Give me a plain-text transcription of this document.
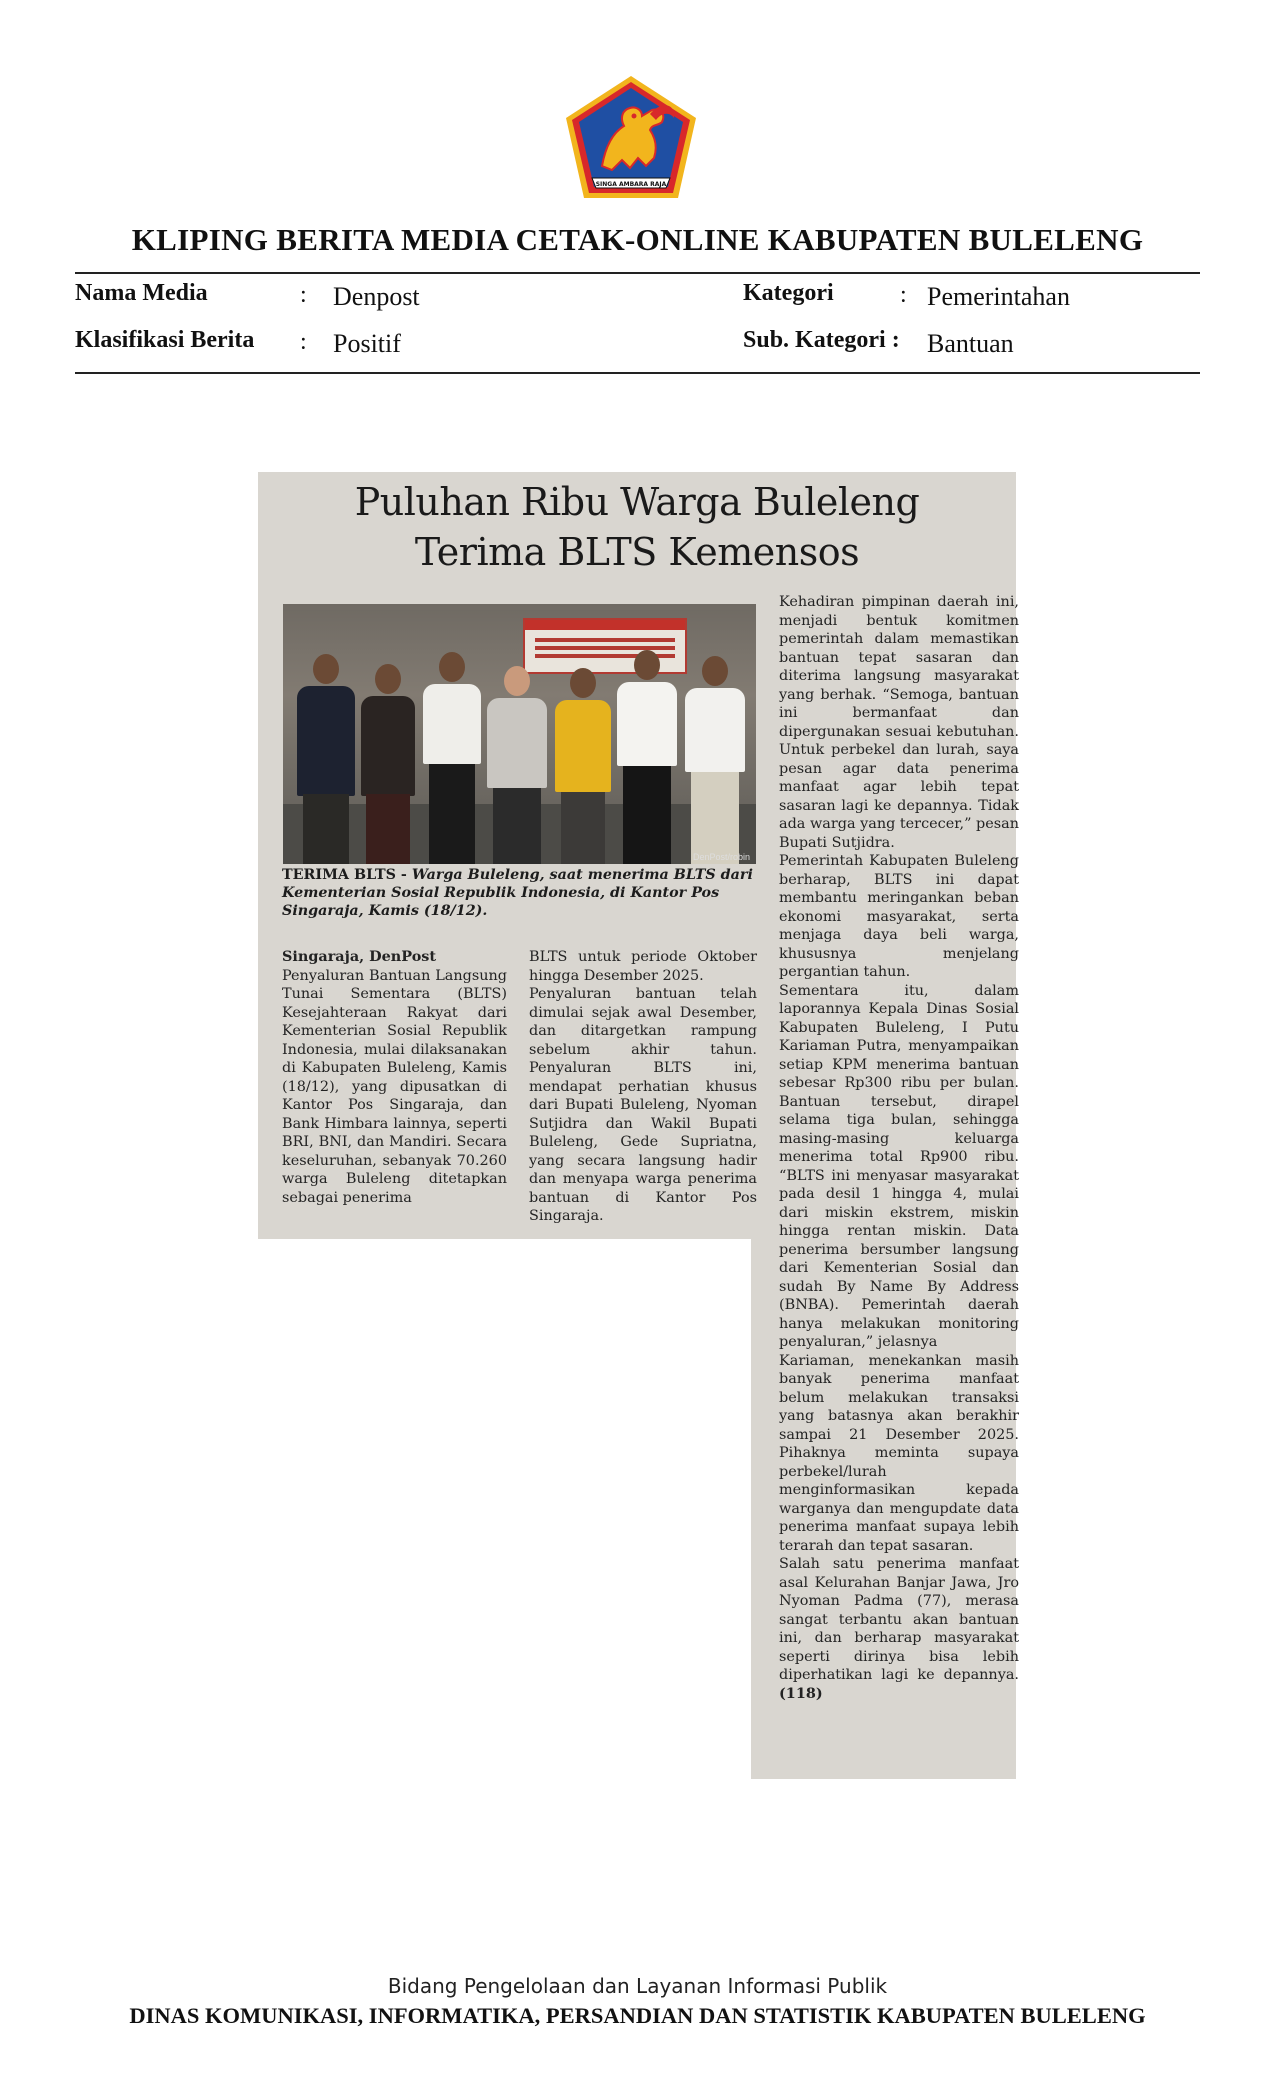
SINGA AMBARA RAJA
KLIPING BERITA MEDIA CETAK-ONLINE KABUPATEN BULELENG
Nama Media	: Denpost
Klasifikasi Berita : Positif
Kategori	: Pemerintahan
Sub. Kategori : Bantuan
Puluhan Ribu Warga Buleleng
Terima BLTS Kemensos
DenPost/robin
TERIMA BLTS - Warga Buleleng, saat menerima BLTS dari Kementerian Sosial Republik Indonesia, di Kantor Pos Singaraja, Kamis (18/12).
Singaraja, DenPost
Penyaluran Bantuan Langsung Tunai Sementara (BLTS) Kesejahteraan Rakyat dari Kementerian Sosial Republik Indonesia, mulai dilaksanakan di Kabupaten Buleleng, Kamis (18/12), yang dipusatkan di Kantor Pos Singaraja, dan Bank Himbara lainnya, seperti BRI, BNI, dan Mandiri. Secara keseluruhan, sebanyak 70.260 warga Buleleng ditetapkan sebagai penerima
BLTS untuk periode Oktober hingga Desember 2025.
Penyaluran bantuan telah dimulai sejak awal Desember, dan ditargetkan rampung sebelum akhir tahun. Penyaluran BLTS ini, mendapat perhatian khusus dari Bupati Buleleng, Nyoman Sutjidra dan Wakil Bupati Buleleng, Gede Supriatna, yang secara langsung hadir dan menyapa warga penerima bantuan di Kantor Pos Singaraja.
Kehadiran pimpinan daerah ini, menjadi bentuk komitmen pemerintah dalam memastikan bantuan tepat sasaran dan diterima langsung masyarakat yang berhak. “Semoga, bantuan ini bermanfaat dan dipergunakan sesuai kebutuhan. Untuk perbekel dan lurah, saya pesan agar data penerima manfaat agar lebih tepat sasaran lagi ke depannya. Tidak ada warga yang tercecer,” pesan Bupati Sutjidra.
Pemerintah Kabupaten Buleleng berharap, BLTS ini dapat membantu meringankan beban ekonomi masyarakat, serta menjaga daya beli warga, khususnya menjelang pergantian tahun.
Sementara itu, dalam laporannya Kepala Dinas Sosial Kabupaten Buleleng, I Putu Kariaman Putra, menyampaikan setiap KPM menerima bantuan sebesar Rp300 ribu per bulan. Bantuan tersebut, dirapel selama tiga bulan, sehingga masing-masing keluarga menerima total Rp900 ribu. “BLTS ini menyasar masyarakat pada desil 1 hingga 4, mulai dari miskin ekstrem, miskin hingga rentan miskin. Data penerima bersumber langsung dari Kementerian Sosial dan sudah By Name By Address (BNBA). Pemerintah daerah hanya melakukan monitoring penyaluran,” jelasnya
Kariaman, menekankan masih banyak penerima manfaat belum melakukan transaksi yang batasnya akan berakhir sampai 21 Desember 2025. Pihaknya meminta supaya perbekel/lurah menginformasikan kepada warganya dan mengupdate data penerima manfaat supaya lebih terarah dan tepat sasaran.
Salah satu penerima manfaat asal Kelurahan Banjar Jawa, Jro Nyoman Padma (77), merasa sangat terbantu akan bantuan ini, dan berharap masyarakat seperti dirinya bisa lebih diperhatikan lagi ke depannya. (118)
Bidang Pengelolaan dan Layanan Informasi Publik
DINAS KOMUNIKASI, INFORMATIKA, PERSANDIAN DAN STATISTIK KABUPATEN BULELENG
